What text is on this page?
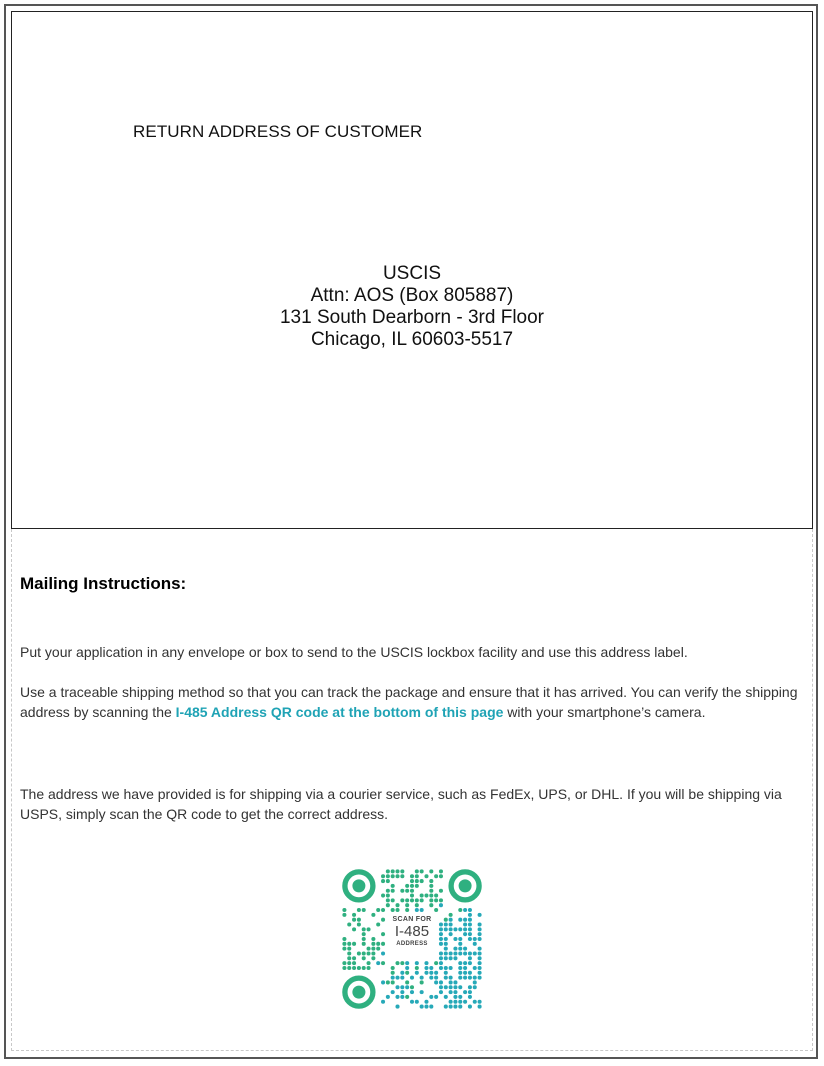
RETURN ADDRESS OF CUSTOMER
USCIS
Attn: AOS (Box 805887)
131 South Dearborn - 3rd Floor
Chicago, IL 60603-5517
Mailing Instructions:

Put your application in any envelope or box to send to the USCIS lockbox facility and use this address label.

Use a traceable shipping method so that you can track the package and ensure that it has arrived. You can verify the shipping address by scanning the I-485 Address QR code at the bottom of this page with your smartphone’s camera.

The address we have provided is for shipping via a courier service, such as FedEx, UPS, or DHL. If you will be shipping via USPS, simply scan the QR code to get the correct address.

SCAN FOR
I-485
ADDRESS
